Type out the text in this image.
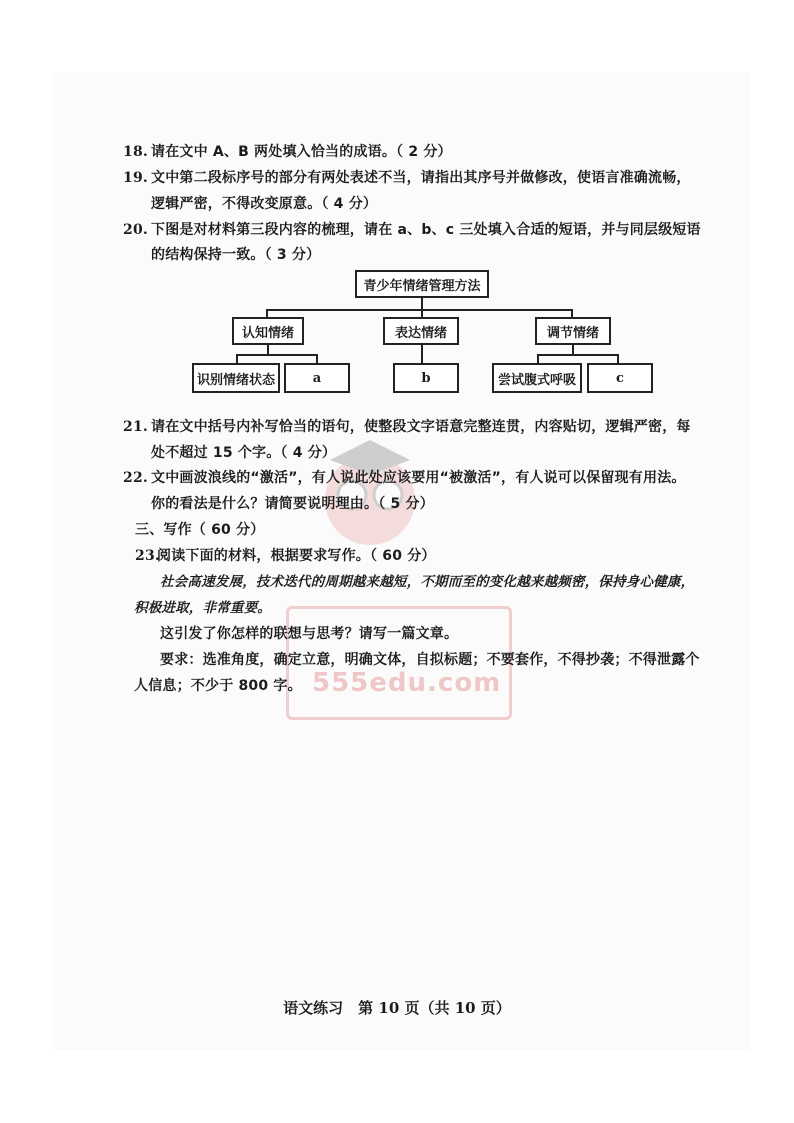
555edu.com
18. 请在文中 A、B 两处填入恰当的成语。（ 2 分）
19. 文中第二段标序号的部分有两处表述不当，请指出其序号并做修改，使语言准确流畅，
逻辑严密，不得改变原意。（ 4 分）
20. 下图是对材料第三段内容的梳理，请在 a、b、c 三处填入合适的短语，并与同层级短语
的结构保持一致。（ 3 分）
青少年情绪管理方法
认知情绪	表达情绪	调节情绪
识别情绪状态	a	b	尝试腹式呼吸	c
21. 请在文中括号内补写恰当的语句，使整段文字语意完整连贯，内容贴切，逻辑严密，每
处不超过 15 个字。（ 4 分）
22. 文中画波浪线的“激活”，有人说此处应该要用“被激活”，有人说可以保留现有用法。
你的看法是什么？请简要说明理由。（ 5 分）
三、写作（ 60 分）
23.阅读下面的材料，根据要求写作。（ 60 分）
社会高速发展，技术迭代的周期越来越短，不期而至的变化越来越频密，保持身心健康，
积极进取，非常重要。
这引发了你怎样的联想与思考？请写一篇文章。
要求：选准角度，确定立意，明确文体，自拟标题；不要套作，不得抄袭；不得泄露个
人信息；不少于 800 字。
语文练习　第 10 页（共 10 页）
